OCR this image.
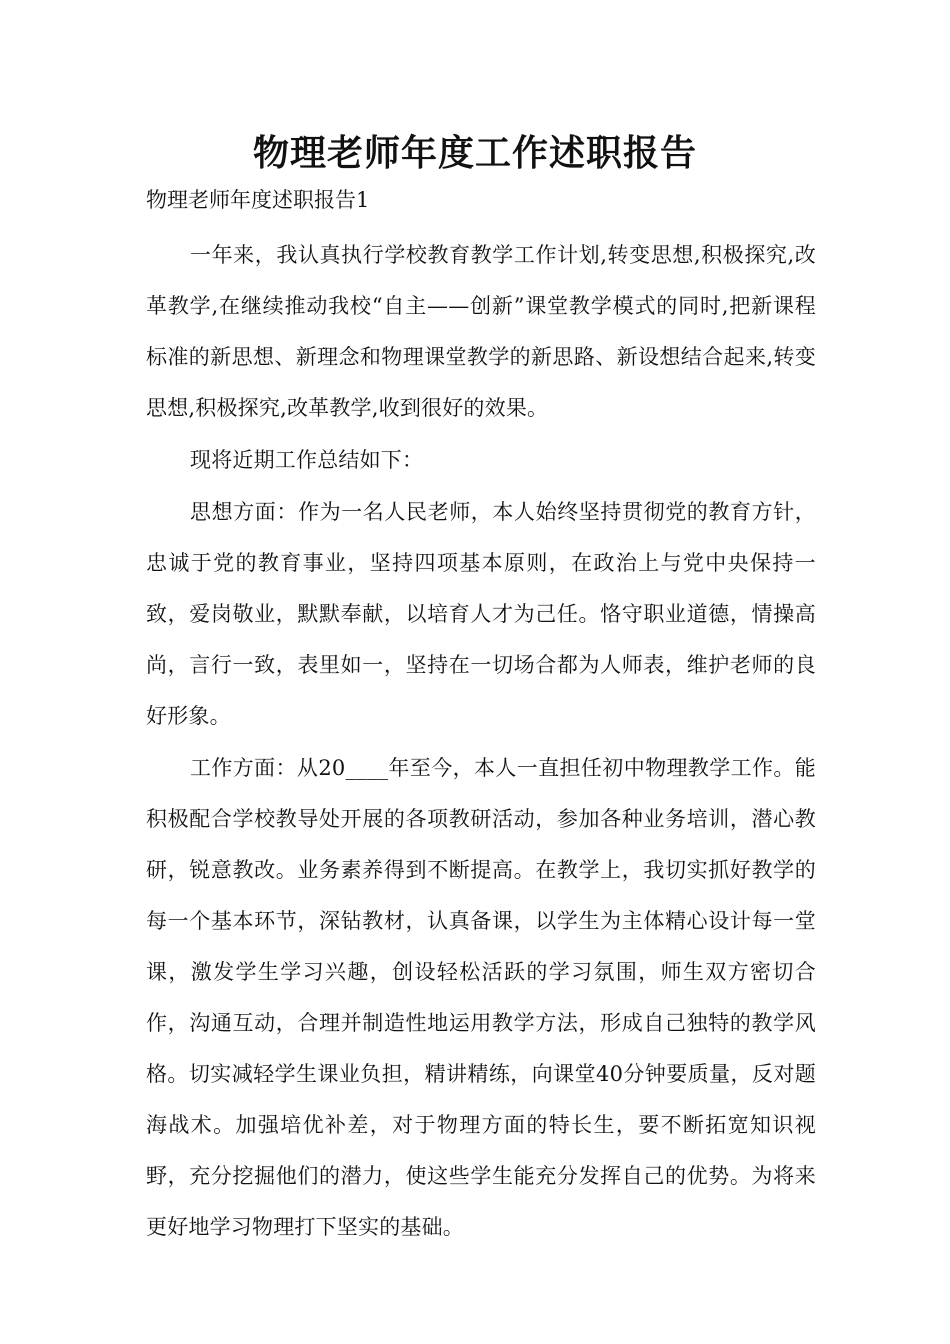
物理老师年度工作述职报告

物理老师年度述职报告1

一年来，我认真执行学校教育教学工作计划,转变思想,积极探究,改革教学,在继续推动我校“自主——创新”课堂教学模式的同时,把新课程标准的新思想、新理念和物理课堂教学的新思路、新设想结合起来,转变思想,积极探究,改革教学,收到很好的效果。

现将近期工作总结如下：

思想方面：作为一名人民老师，本人始终坚持贯彻党的教育方针，忠诚于党的教育事业，坚持四项基本原则，在政治上与党中央保持一致，爱岗敬业，默默奉献，以培育人才为己任。恪守职业道德，情操高尚，言行一致，表里如一，坚持在一切场合都为人师表，维护老师的良好形象。

工作方面：从20____年至今，本人一直担任初中物理教学工作。能积极配合学校教导处开展的各项教研活动，参加各种业务培训，潜心教研，锐意教改。业务素养得到不断提高。在教学上，我切实抓好教学的每一个基本环节，深钻教材，认真备课，以学生为主体精心设计每一堂课，激发学生学习兴趣，创设轻松活跃的学习氛围，师生双方密切合作，沟通互动，合理并制造性地运用教学方法，形成自己独特的教学风格。切实减轻学生课业负担，精讲精练，向课堂40分钟要质量，反对题海战术。加强培优补差，对于物理方面的特长生，要不断拓宽知识视野，充分挖掘他们的潜力，使这些学生能充分发挥自己的优势。为将来更好地学习物理打下坚实的基础。
